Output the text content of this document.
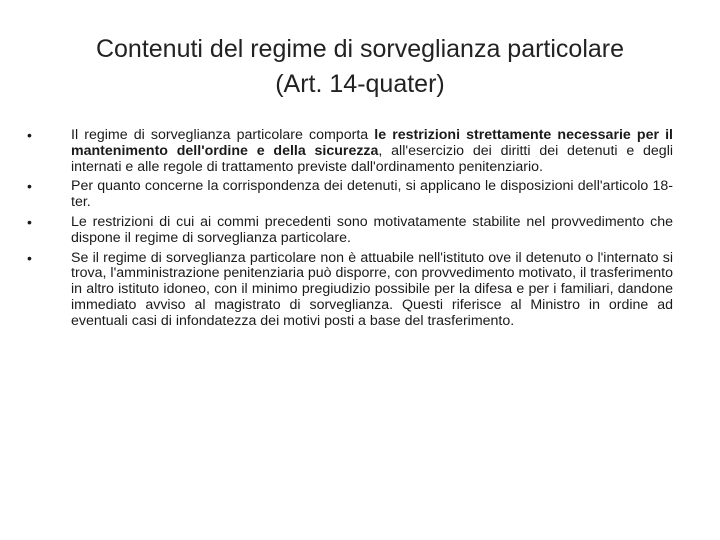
Contenuti del regime di sorveglianza particolare
(Art. 14-quater)
•	Il regime di sorveglianza particolare comporta le restrizioni strettamente necessarie per il mantenimento dell'ordine e della sicurezza, all'esercizio dei diritti dei detenuti e degli internati e alle regole di trattamento previste dall'ordinamento penitenziario.
•	Per quanto concerne la corrispondenza dei detenuti, si applicano le disposizioni dell'articolo 18-ter.
•	Le restrizioni di cui ai commi precedenti sono motivatamente stabilite nel provvedimento che dispone il regime di sorveglianza particolare.
•	Se il regime di sorveglianza particolare non è attuabile nell'istituto ove il detenuto o l'internato si trova, l'amministrazione penitenziaria può disporre, con provvedimento motivato, il trasferimento in altro istituto idoneo, con il minimo pregiudizio possibile per la difesa e per i familiari, dandone immediato avviso al magistrato di sorveglianza. Questi riferisce al Ministro in ordine ad eventuali casi di infondatezza dei motivi posti a base del trasferimento.
